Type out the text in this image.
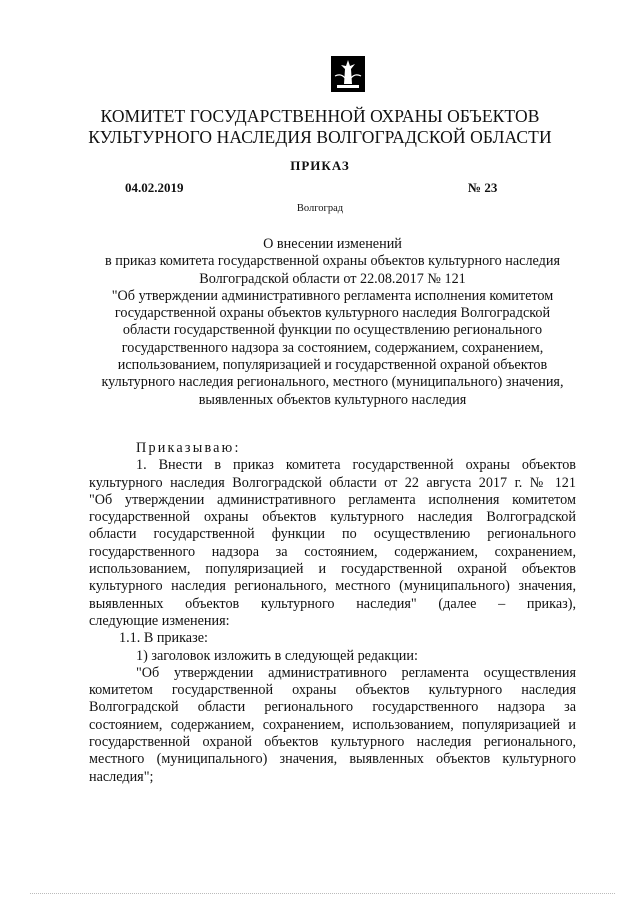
КОМИТЕТ ГОСУДАРСТВЕННОЙ ОХРАНЫ ОБЪЕКТОВ
КУЛЬТУРНОГО НАСЛЕДИЯ ВОЛГОГРАДСКОЙ ОБЛАСТИ
ПРИКАЗ
04.02.2019	№ 23
Волгоград
О внесении изменений
в приказ комитета государственной охраны объектов культурного наследия
Волгоградской области от 22.08.2017 № 121
"Об утверждении административного регламента исполнения комитетом
государственной охраны объектов культурного наследия Волгоградской
области государственной функции по осуществлению регионального
государственного надзора за состоянием, содержанием, сохранением,
использованием, популяризацией и государственной охраной объектов
культурного наследия регионального, местного (муниципального) значения,
выявленных объектов культурного наследия
Приказываю:
1. Внести в приказ комитета государственной охраны объектов
культурного наследия Волгоградской области от 22 августа 2017 г. № 121
"Об утверждении административного регламента исполнения комитетом
государственной охраны объектов культурного наследия Волгоградской
области государственной функции по осуществлению регионального
государственного надзора за состоянием, содержанием, сохранением,
использованием, популяризацией и государственной охраной объектов
культурного наследия регионального, местного (муниципального) значения,
выявленных объектов культурного наследия" (далее – приказ),
следующие изменения:
1.1. В приказе:
1) заголовок изложить в следующей редакции:
"Об утверждении административного регламента осуществления
комитетом государственной охраны объектов культурного наследия
Волгоградской области регионального государственного надзора за
состоянием, содержанием, сохранением, использованием, популяризацией и
государственной охраной объектов культурного наследия регионального,
местного (муниципального) значения, выявленных объектов культурного
наследия";
